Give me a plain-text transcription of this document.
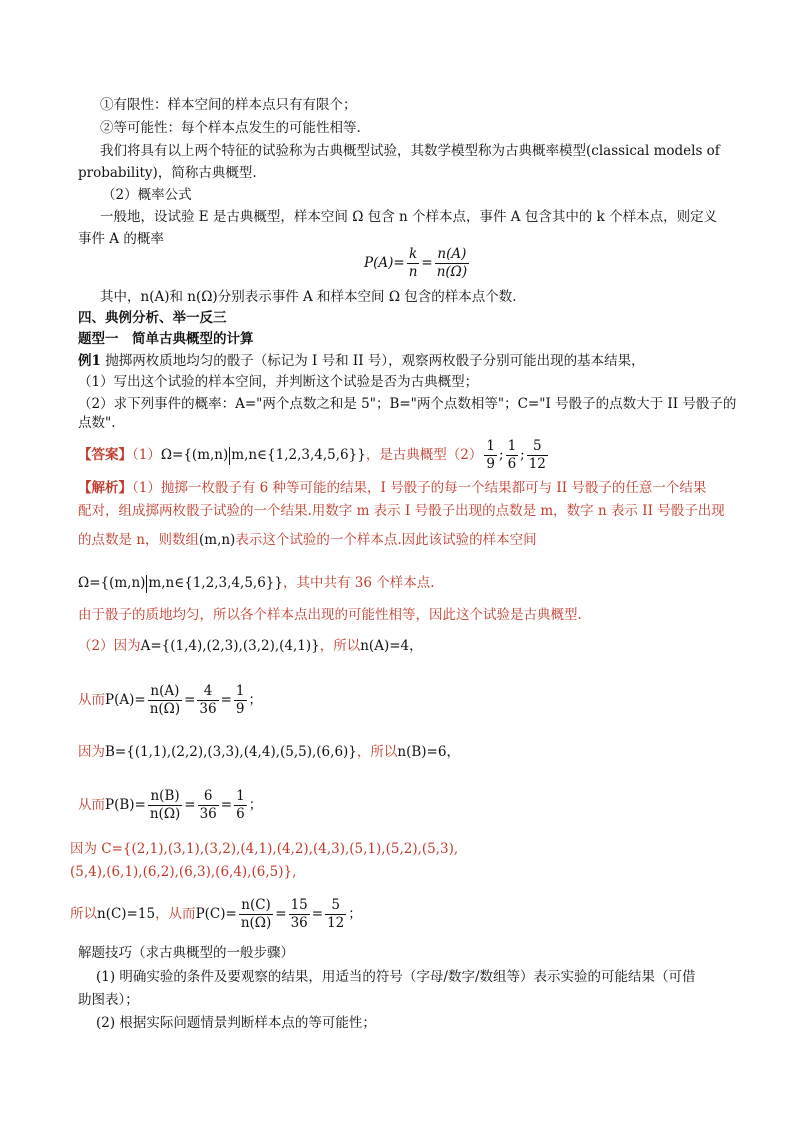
①有限性：样本空间的样本点只有有限个；
②等可能性：每个样本点发生的可能性相等.
我们将具有以上两个特征的试验称为古典概型试验，其数学模型称为古典概率模型(classical models of
probability)，简称古典概型.
（2）概率公式
一般地，设试验 E 是古典概型，样本空间 Ω 包含 n 个样本点，事件 A 包含其中的 k 个样本点，则定义
事件 A 的概率
$P(A)= \frac{k}{n} = \frac{n(A)}{n(\Omega)}$
其中，n(A)和 n(Ω)分别表示事件 A 和样本空间 Ω 包含的样本点个数.
四、典例分析、举一反三
题型一　简单古典概型的计算
例1 抛掷两枚质地均匀的骰子（标记为 I 号和 II 号），观察两枚骰子分别可能出现的基本结果，
（1）写出这个试验的样本空间，并判断这个试验是否为古典概型；
（2）求下列事件的概率：A="两个点数之和是 5"；B="两个点数相等"；C="I 号骰子的点数大于 II 号骰子的
点数".
【答案】（1）Ω={(m,n) m,n∈{1,2,3,4,5,6}}，是古典概型$(2) \frac{1}{9}$ ; $\frac{1}{6}$ ; $\frac{5}{12}$
【解析】（1）抛掷一枚骰子有 6 种等可能的结果，I 号骰子的每一个结果都可与 II 号骰子的任意一个结果
配对，组成掷两枚骰子试验的一个结果.用数字 m 表示 I 号骰子出现的点数是 m，数字 n 表示 II 号骰子出现
的点数是 n，则数组(m,n)表示这个试验的一个样本点.因此该试验的样本空间
Ω={(m,n) m,n∈{1,2,3,4,5,6}}，其中共有 36 个样本点.
由于骰子的质地均匀，所以各个样本点出现的可能性相等，因此这个试验是古典概型.
（2）因为A={(1,4),(2,3),(3,2),(4,1)}，所以n(A)=4，
从而$P(A)= \frac{n(A)}{n(\Omega)} = \frac{4}{36} = \frac{1}{9}$ ；
因为B={(1,1),(2,2),(3,3),(4,4),(5,5),(6,6)}，所以n(B)=6，
从而$P(B)= \frac{n(B)}{n(\Omega)} = \frac{6}{36} = \frac{1}{6}$ ；
因为 C={(2,1),(3,1),(3,2),(4,1),(4,2),(4,3),(5,1),(5,2),(5,3),
(5,4),(6,1),(6,2),(6,3),(6,4),(6,5)},
所以n(C)=15，从而$P(C)= \frac{n(C)}{n(\Omega)} = \frac{15}{36} = \frac{5}{12}$ ；
解题技巧（求古典概型的一般步骤）
(1) 明确实验的条件及要观察的结果，用适当的符号（字母/数字/数组等）表示实验的可能结果（可借
助图表）；
(2) 根据实际问题情景判断样本点的等可能性；
